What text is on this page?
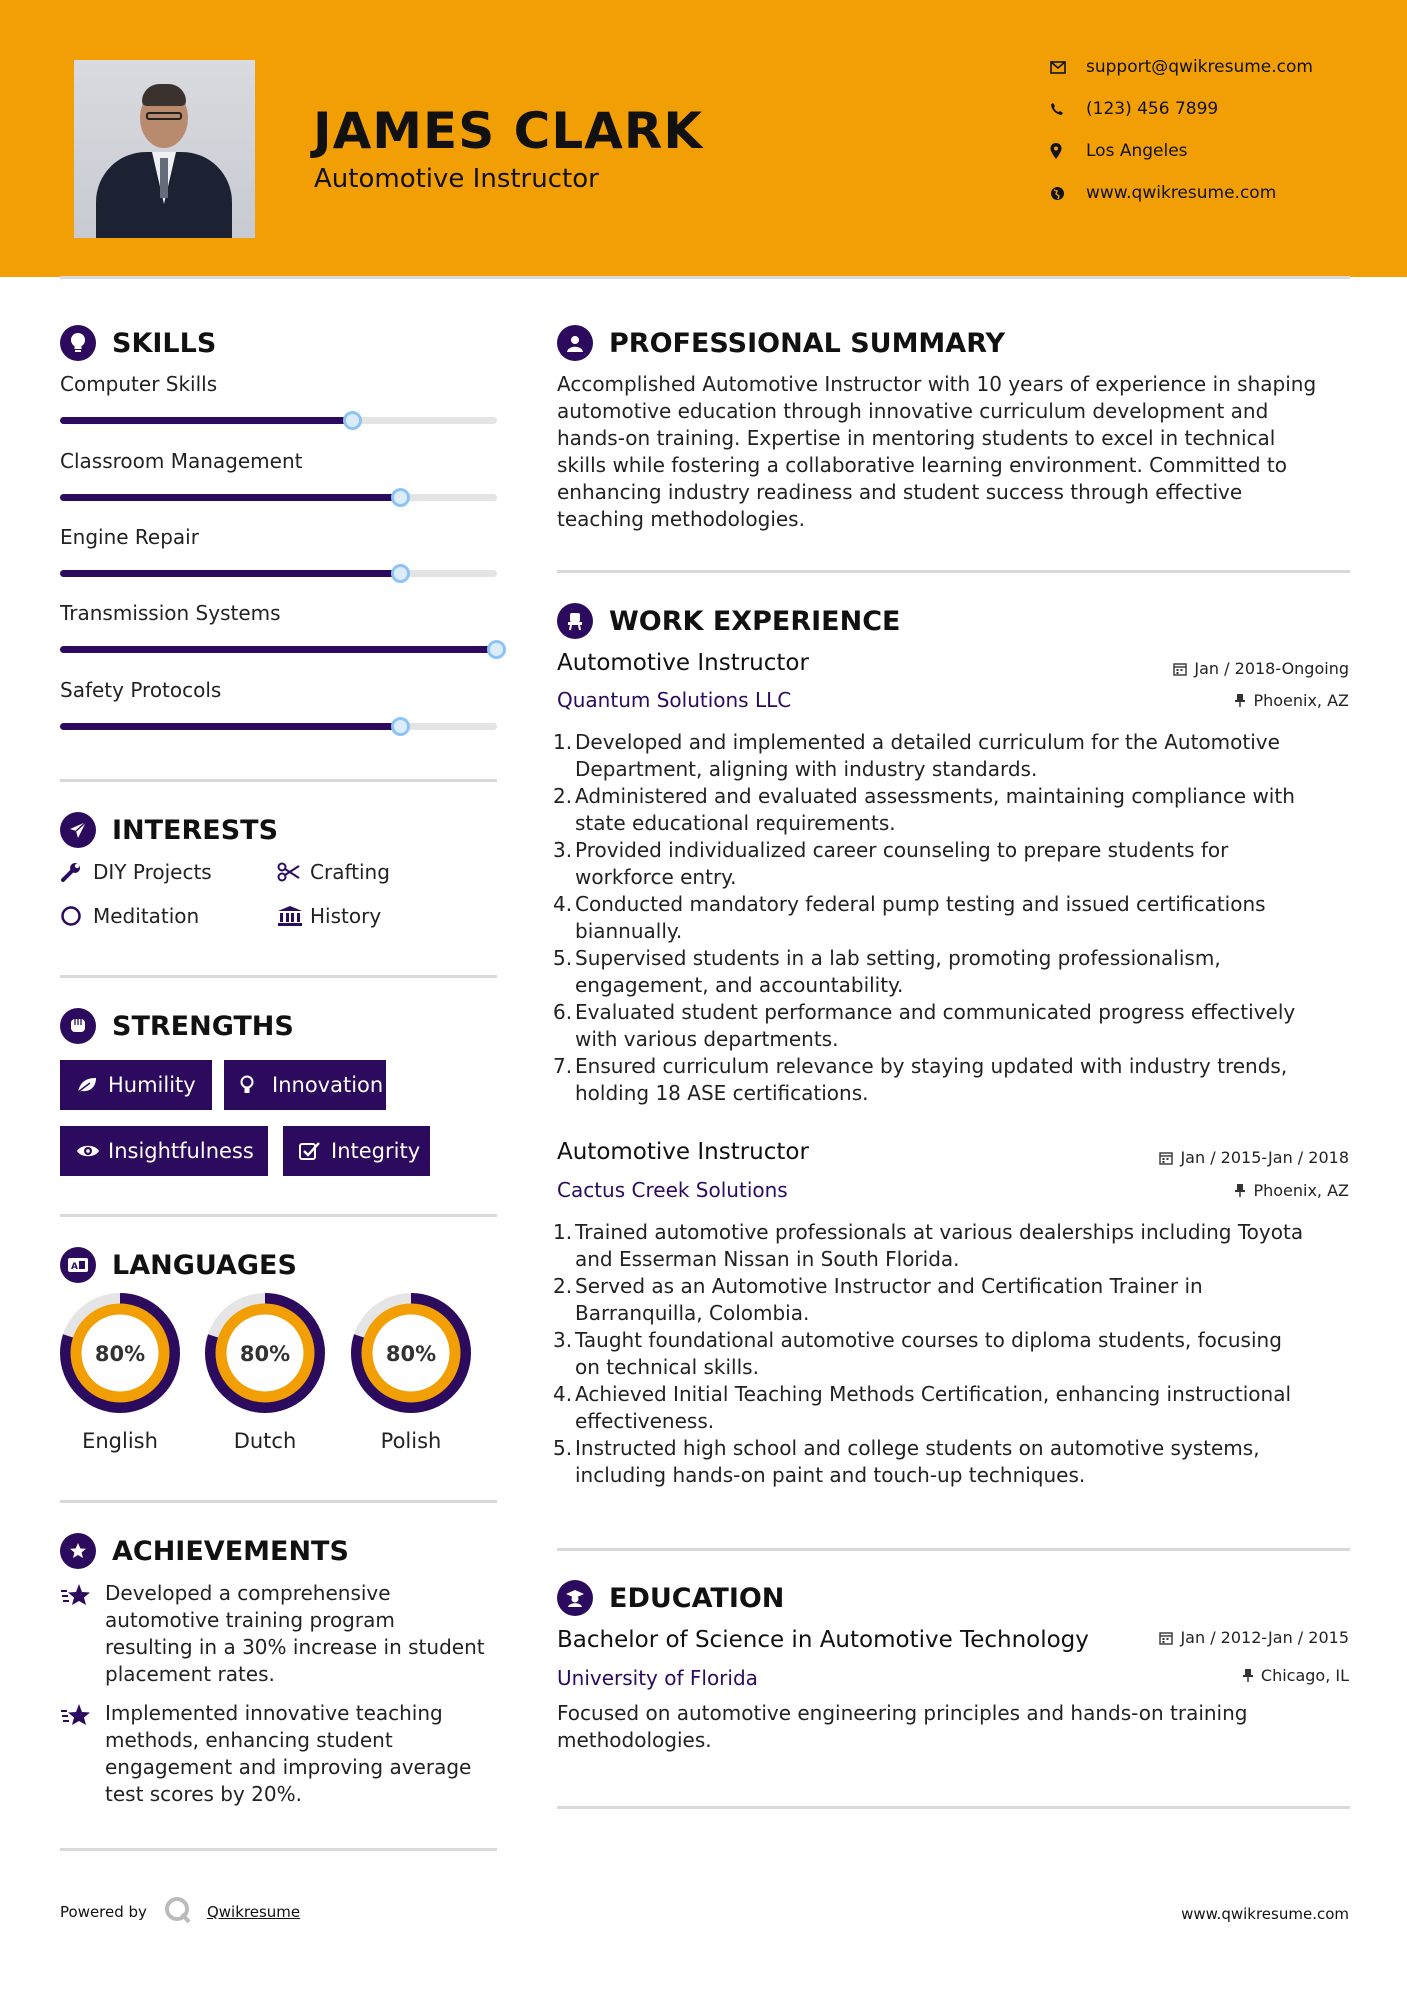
JAMES CLARK
Automotive Instructor
support@qwikresume.com
(123) 456 7899
Los Angeles
www.qwikresume.com
SKILLS
Computer Skills
Classroom Management
Engine Repair
Transmission Systems
Safety Protocols
INTERESTS
DIY Projects	Crafting
Meditation	History
STRENGTHS
Humility	Innovation
Insightfulness	Integrity
A LANGUAGES
80%
English
80%
Dutch
80%
Polish
ACHIEVEMENTS
Developed a comprehensive
automotive training program
resulting in a 30% increase in student
placement rates.
Implemented innovative teaching
methods, enhancing student
engagement and improving average
test scores by 20%.
PROFESSIONAL SUMMARY
Accomplished Automotive Instructor with 10 years of experience in shaping
automotive education through innovative curriculum development and
hands-on training. Expertise in mentoring students to excel in technical
skills while fostering a collaborative learning environment. Committed to
enhancing industry readiness and student success through effective
teaching methodologies.
WORK EXPERIENCE
Automotive Instructor	Jan / 2018-Ongoing
Quantum Solutions LLC	Phoenix, AZ
1. Developed and implemented a detailed curriculum for the Automotive
Department, aligning with industry standards.
2. Administered and evaluated assessments, maintaining compliance with
state educational requirements.
3. Provided individualized career counseling to prepare students for
workforce entry.
4. Conducted mandatory federal pump testing and issued certifications
biannually.
5. Supervised students in a lab setting, promoting professionalism,
engagement, and accountability.
6. Evaluated student performance and communicated progress effectively
with various departments.
7. Ensured curriculum relevance by staying updated with industry trends,
holding 18 ASE certifications.
Automotive Instructor	Jan / 2015-Jan / 2018
Cactus Creek Solutions	Phoenix, AZ
1. Trained automotive professionals at various dealerships including Toyota
and Esserman Nissan in South Florida.
2. Served as an Automotive Instructor and Certification Trainer in
Barranquilla, Colombia.
3. Taught foundational automotive courses to diploma students, focusing
on technical skills.
4. Achieved Initial Teaching Methods Certification, enhancing instructional
effectiveness.
5. Instructed high school and college students on automotive systems,
including hands-on paint and touch-up techniques.
EDUCATION
Bachelor of Science in Automotive Technology	Jan / 2012-Jan / 2015
University of Florida	Chicago, IL
Focused on automotive engineering principles and hands-on training
methodologies.
Powered by	Qwikresume	www.qwikresume.com
